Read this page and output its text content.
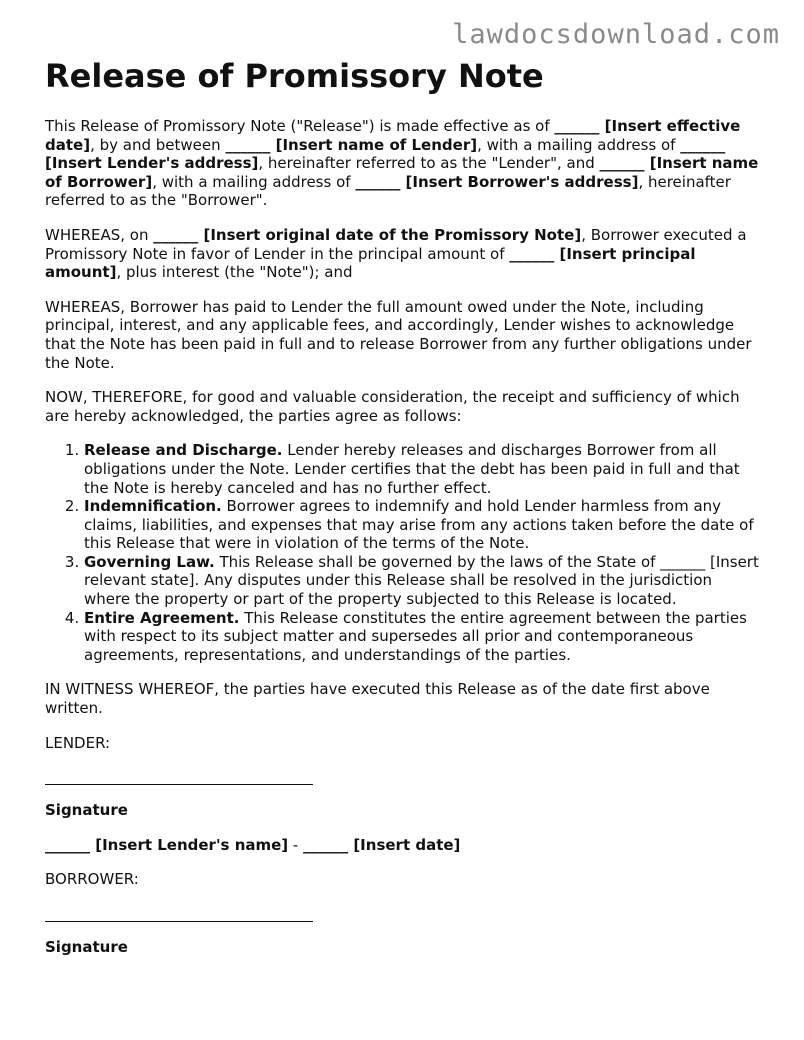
lawdocsdownload.com
Release of Promissory Note

This Release of Promissory Note ("Release") is made effective as of ______ [Insert effective date], by and between ______ [Insert name of Lender], with a mailing address of ______ [Insert Lender's address], hereinafter referred to as the "Lender", and ______ [Insert name of Borrower], with a mailing address of ______ [Insert Borrower's address], hereinafter referred to as the "Borrower".

WHEREAS, on ______ [Insert original date of the Promissory Note], Borrower executed a Promissory Note in favor of Lender in the principal amount of ______ [Insert principal amount], plus interest (the "Note"); and

WHEREAS, Borrower has paid to Lender the full amount owed under the Note, including principal, interest, and any applicable fees, and accordingly, Lender wishes to acknowledge that the Note has been paid in full and to release Borrower from any further obligations under the Note.

NOW, THEREFORE, for good and valuable consideration, the receipt and sufficiency of which are hereby acknowledged, the parties agree as follows:

1. Release and Discharge. Lender hereby releases and discharges Borrower from all obligations under the Note. Lender certifies that the debt has been paid in full and that the Note is hereby canceled and has no further effect.
2. Indemnification. Borrower agrees to indemnify and hold Lender harmless from any claims, liabilities, and expenses that may arise from any actions taken before the date of this Release that were in violation of the terms of the Note.
3. Governing Law. This Release shall be governed by the laws of the State of ______ [Insert relevant state]. Any disputes under this Release shall be resolved in the jurisdiction where the property or part of the property subjected to this Release is located.
4. Entire Agreement. This Release constitutes the entire agreement between the parties with respect to its subject matter and supersedes all prior and contemporaneous agreements, representations, and understandings of the parties.

IN WITNESS WHEREOF, the parties have executed this Release as of the date first above written.

LENDER:

Signature

______ [Insert Lender's name] - ______ [Insert date]

BORROWER:

Signature
